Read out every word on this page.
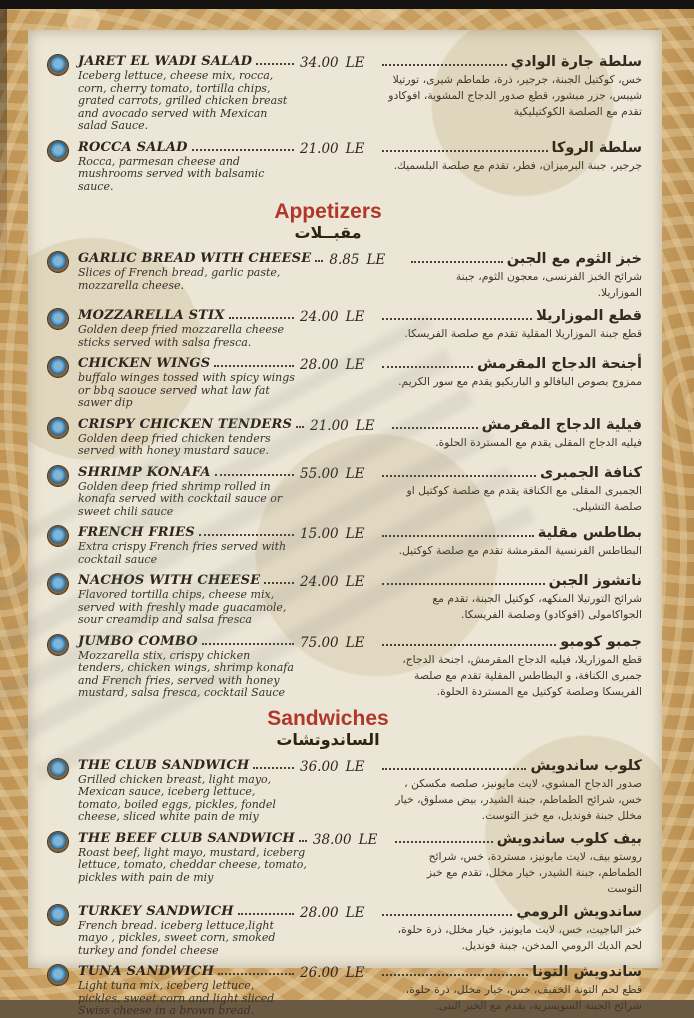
JARET EL WADI SALAD
Iceberg lettuce, cheese mix, rocca, corn, cherry tomato, tortilla chips, grated carrots, grilled chicken breast and avocado served with Mexican salad Sauce.
34.00 LE	سلطة جارة الوادي
خس، كوكتيل الجبنة، جرجير، ذرة، طماطم شيرى، تورتيلا شيبس، جزر مبشور، قطع صدور الدجاج المشوية، افوكادو تقدم مع الصلصة الكوكتيليكية
ROCCA SALAD
Rocca, parmesan cheese and mushrooms served with balsamic sauce.
21.00 LE	سلطة الروكا
جرجير، جبنة البرميزان، فطر، تقدم مع صلصة البلسميك.
Appetizers
مقبــلات
GARLIC BREAD WITH CHEESE
Slices of French bread, garlic paste, mozzarella cheese.
8.85 LE	خبز الثوم مع الجبن
شرائح الخبز الفرنسى، معجون الثوم، جبنة الموزاريلا.
MOZZARELLA STIX
Golden deep fried mozzarella cheese sticks served with salsa fresca.
24.00 LE	قطع الموزاريلا
قطع جبنة الموزاريلا المقلية تقدم مع صلصة الفريسكا.
CHICKEN WINGS
buffalo winges tossed with spicy wings or bbq saouce served what law fat sawer dip
28.00 LE	أجنحة الدجاج المقرمش
ممزوج بصوص البافالو و الباربكيو يقدم مع سور الكريم.
CRISPY CHICKEN TENDERS
Golden deep fried chicken tenders served with honey mustard sauce.
21.00 LE	فيلية الدجاج المقرمش
فيليه الدجاج المقلى يقدم مع المستردة الحلوة.
SHRIMP KONAFA
Golden deep fried shrimp rolled in konafa served with cocktail sauce or sweet chili sauce
55.00 LE	كنافة الجمبرى
الجمبرى المقلى مع الكنافة يقدم مع صلصة كوكتيل او صلصة التشيلى.
FRENCH FRIES
Extra crispy French fries served with cocktail sauce
15.00 LE	بطاطس مقلية
البطاطس الفرنسية المقرمشة تقدم مع صلصة كوكتيل.
NACHOS WITH CHEESE
Flavored tortilla chips, cheese mix, served with freshly made guacamole, sour creamdip and salsa fresca
24.00 LE	ناتشوز الجبن
شرائح التورتيلا المنكهه، كوكتيل الجبنة، تقدم مع الجواكامولى (افوكادو) وصلصة الفريسكا.
JUMBO COMBO
Mozzarella stix, crispy chicken tenders, chicken wings, shrimp konafa and French fries, served with honey mustard, salsa fresca, cocktail Sauce
75.00 LE	جمبو كومبو
قطع الموزاريلا، فيليه الدجاج المقرمش، اجنحة الدجاج، جمبرى الكنافة، و البطاطس المقلية تقدم مع صلصة الفريسكا وصلصة كوكتيل مع المستردة الحلوة.
Sandwiches
الساندوتشات
THE CLUB SANDWICH
Grilled chicken breast, light mayo, Mexican sauce, iceberg lettuce, tomato, boiled eggs, pickles, fondel cheese, sliced white pain de miy
36.00 LE	كلوب ساندويش
صدور الدجاج المشوي، لايت مايونيز، صلصه مكسكن ، خس، شرائح الطماطم، جبنة الشيدر، بيض مسلوق، خيار مخلل جبنة فونديل، مع خبز التوست.
THE BEEF CLUB SANDWICH
Roast beef, light mayo, mustard, iceberg lettuce, tomato, cheddar cheese, tomato, pickles with pain de miy
38.00 LE	بيف كلوب ساندويش
روستو بيف، لايت مايونيز، مستردة، خس، شرائح الطماطم، جبنة الشيدر، خيار مخلل، تقدم مع خبز التوست
TURKEY SANDWICH
French bread. iceberg lettuce,light mayo , pickles, sweet corn, smoked turkey and fondel cheese
28.00 LE	ساندويش الرومي
خبز الباجيت، خس، لايت مايونيز، خيار مخلل، ذرة حلوة، لحم الديك الرومي المدخن، جبنة فونديل.
TUNA SANDWICH
Light tuna mix, iceberg lettuce, pickles, sweet corn and light sliced Swiss cheese in a brown bread.
26.00 LE	ساندويش التونا
قطع لحم التونة الخفيف، خس، خيار مخلل، ذرة حلوة، شرائح الجبنة السويسرية، يقدم مع الخبز البنى.
